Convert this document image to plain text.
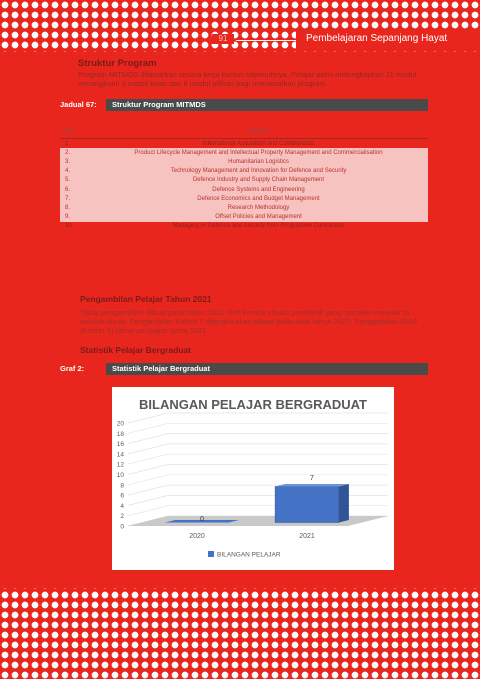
91	Pembelajaran Sepanjang Hayat
Struktur Program
Program MITMDS ditawarkan secara kerja kursus sepenuhnya. Pelajar perlu melengkapkan 11 modul merangkumi 3 modul teras dan 8 modul pilihan bagi menamatkan program.
Jadual 67:	Struktur Program MITMDS
Bil.	Modul
1.	International Acquisition and Collaboration
2.	Product Lifecycle Management and Intellectual Property Management and Commercialisation
3.	Humanitarian Logistics
4.	Technology Management and Innovation for Defence and Security
5.	Defence Industry and Supply Chain Management
6.	Defence Systems and Engineering
7.	Defence Economics and Budget Management
8.	Research Methodology
9.	Offset Policies and Management
10.	Managing Hi Defence and Security from Programme Contractors
Pengambilan Pelajar Tahun 2021
Tiada pengambilan dibuat pada tahun 2021 oleh kerana situasi pandemik yang semakin menular di seluruh dunia. Pengambilan Kohort 2 dijangka akan dibuat pada awal tahun 2022. Pengambilan 2019 (Kohort 1) tamat pengajian pada 2021.
Statistik Pelajar Bergraduat
Graf 2:	Statistik Pelajar Bergraduat
BILANGAN PELAJAR BERGRADUAT
0
2
4
6
8
10
12
14
16
18
20
0
2020
7
2021
BILANGAN PELAJAR
